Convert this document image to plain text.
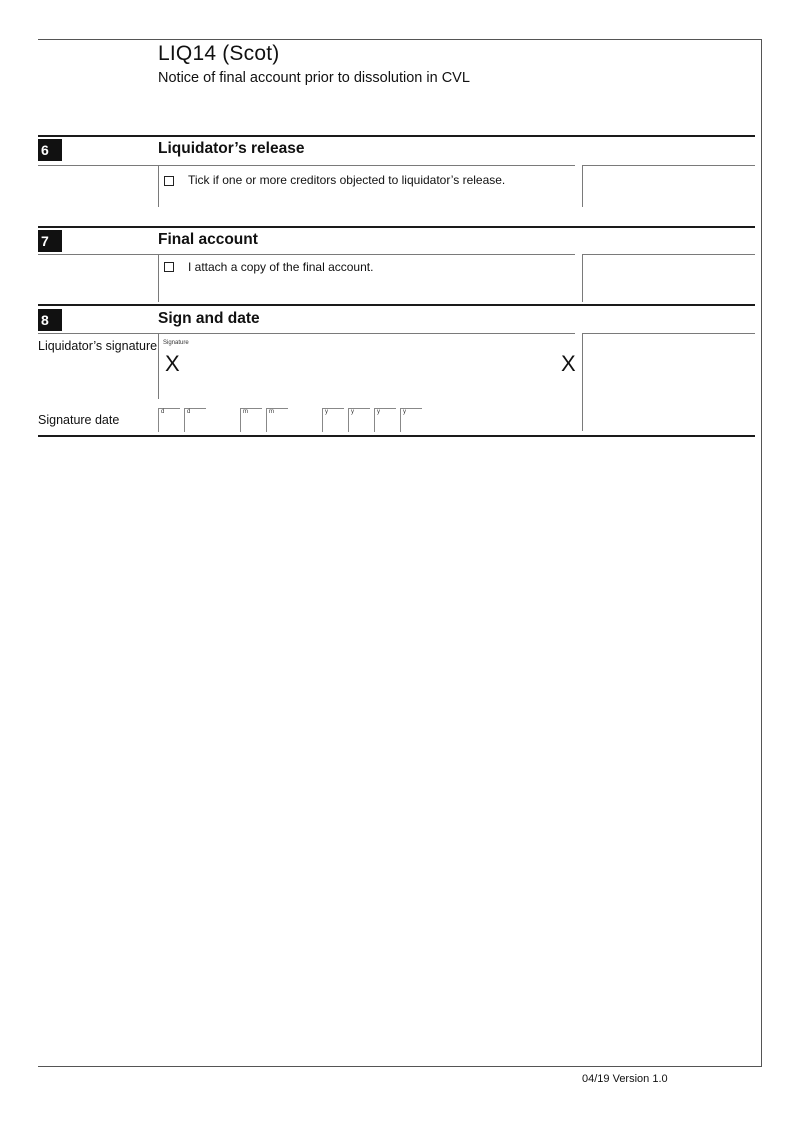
LIQ14 (Scot)
Notice of final account prior to dissolution in CVL
6	Liquidator’s release
Tick if one or more creditors objected to liquidator’s release.
7	Final account
I attach a copy of the final account.
8	Sign and date
Liquidator’s signature Signature
X	X
Signature date
d	d	m	m	y	y	y	y
04/19 Version 1.0
